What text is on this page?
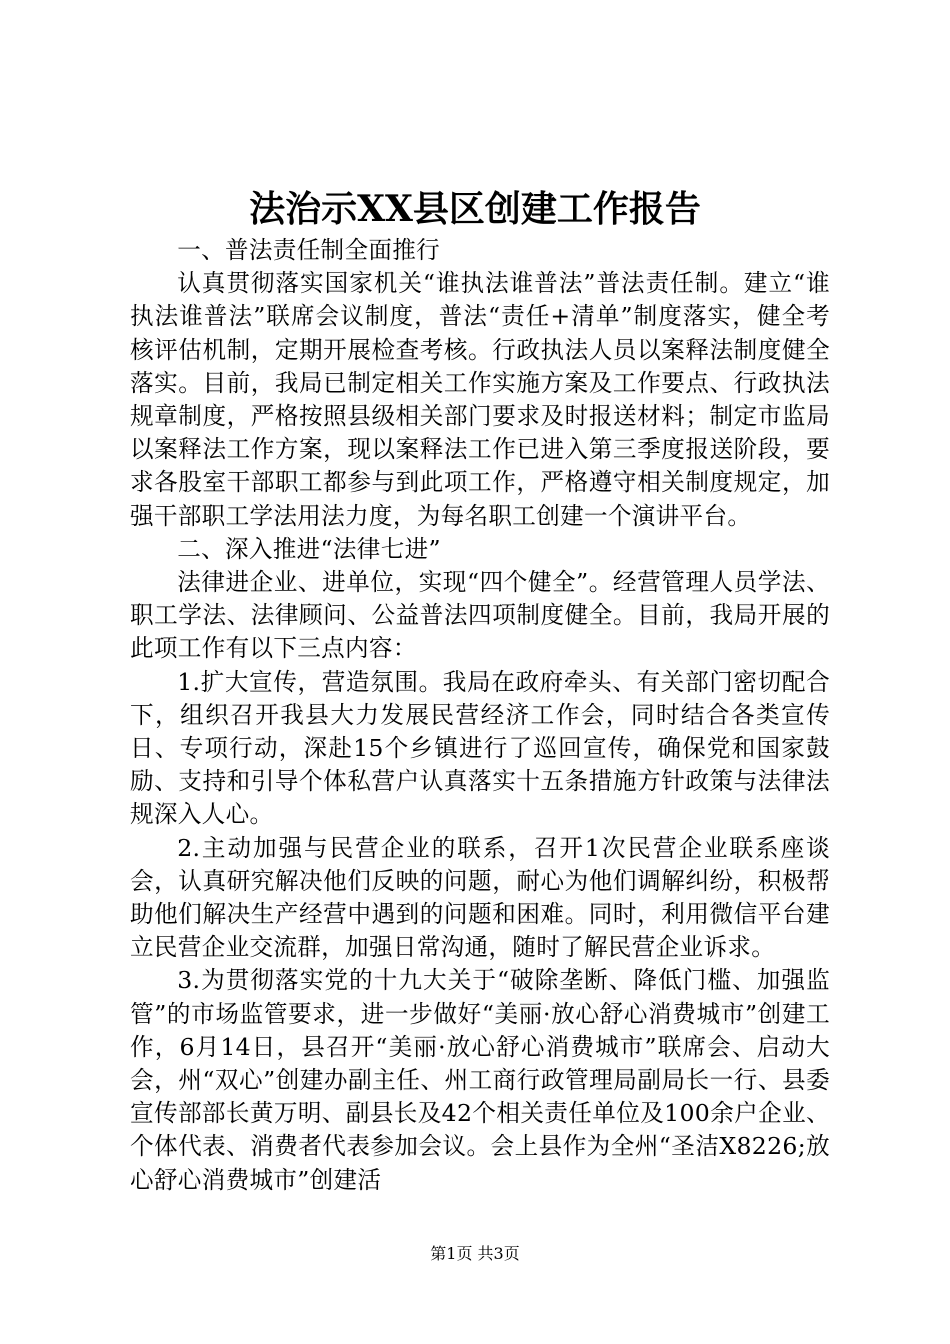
法治示XX县区创建工作报告

一、普法责任制全面推行

认真贯彻落实国家机关“谁执法谁普法”普法责任制。建立“谁执法谁普法”联席会议制度，普法“责任+清单”制度落实，健全考核评估机制，定期开展检查考核。行政执法人员以案释法制度健全落实。目前，我局已制定相关工作实施方案及工作要点、行政执法规章制度，严格按照县级相关部门要求及时报送材料；制定市监局以案释法工作方案，现以案释法工作已进入第三季度报送阶段，要求各股室干部职工都参与到此项工作，严格遵守相关制度规定，加强干部职工学法用法力度，为每名职工创建一个演讲平台。

二、深入推进“法律七进”

法律进企业、进单位，实现“四个健全”。经营管理人员学法、职工学法、法律顾问、公益普法四项制度健全。目前，我局开展的此项工作有以下三点内容：

1.扩大宣传，营造氛围。我局在政府牵头、有关部门密切配合下，组织召开我县大力发展民营经济工作会，同时结合各类宣传日、专项行动，深赴15个乡镇进行了巡回宣传，确保党和国家鼓励、支持和引导个体私营户认真落实十五条措施方针政策与法律法规深入人心。

2.主动加强与民营企业的联系，召开1次民营企业联系座谈会，认真研究解决他们反映的问题，耐心为他们调解纠纷，积极帮助他们解决生产经营中遇到的问题和困难。同时，利用微信平台建立民营企业交流群，加强日常沟通，随时了解民营企业诉求。

3.为贯彻落实党的十九大关于“破除垄断、降低门槛、加强监管”的市场监管要求，进一步做好“美丽·放心舒心消费城市”创建工作，6月14日，县召开“美丽·放心舒心消费城市”联席会、启动大会，州“双心”创建办副主任、州工商行政管理局副局长一行、县委宣传部部长黄万明、副县长及42个相关责任单位及100余户企业、个体代表、消费者代表参加会议。会上县作为全州“圣洁X8226;放心舒心消费城市”创建活

第1页 共3页
